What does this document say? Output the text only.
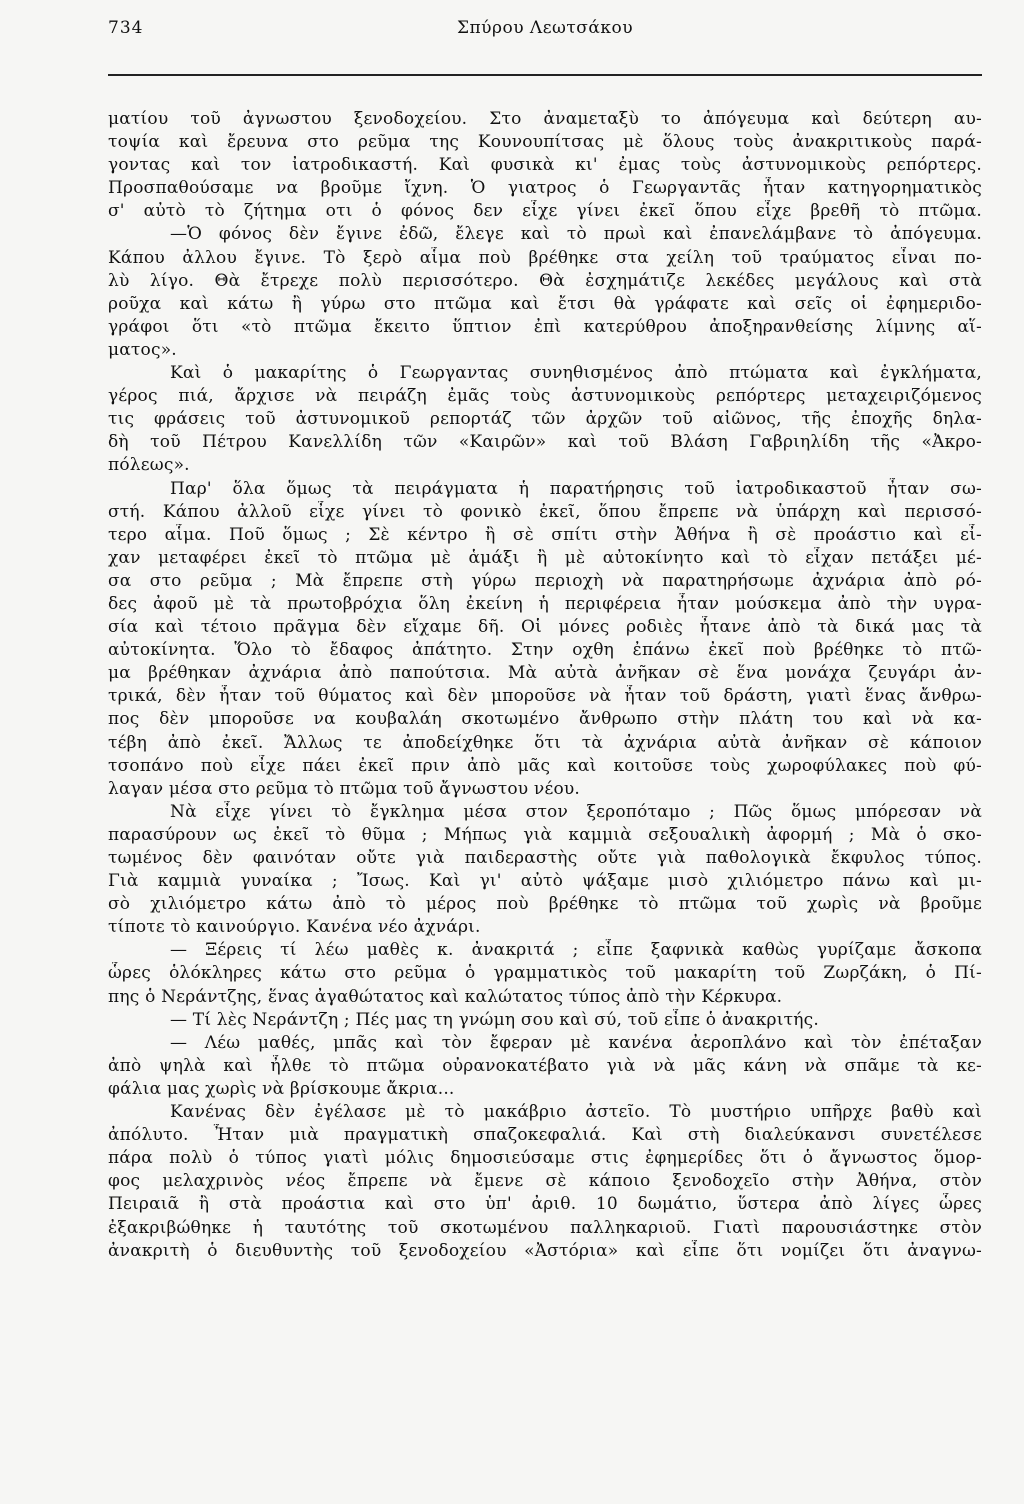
734	Σπύρου Λεωτσάκου
ματίου τοῦ ἀγνωστου ξενοδοχείου. Στο ἀναμεταξὺ το ἀπόγευμα καὶ δεύτερη αυ-
τοψία καὶ ἔρευνα στο ρεῦμα της Κουνουπίτσας μὲ ὅλους τοὺς ἀνακριτικοὺς παρά-
γοντας καὶ τον ἰατροδικαστή. Καὶ φυσικὰ κι' ἐμας τοὺς ἀστυνομικοὺς ρεπόρτερς.
Προσπαθούσαμε να βροῦμε ἴχνη. Ὁ γιατρος ὁ Γεωργαντᾶς ἦταν κατηγορηματικὸς
σ' αὐτὸ τὸ ζήτημα οτι ὁ φόνος δεν εἶχε γίνει ἐκεῖ ὅπου εἶχε βρεθῆ τὸ πτῶμα.
—Ὁ φόνος δὲν ἔγινε ἐδῶ, ἔλεγε καὶ τὸ πρωὶ καὶ ἐπανελάμβανε τὸ ἀπόγευμα.
Κάπου ἀλλου ἔγινε. Τὸ ξερὸ αἷμα ποὺ βρέθηκε στα χείλη τοῦ τραύματος εἶναι πο-
λὺ λίγο. Θὰ ἔτρεχε πολὺ περισσότερο. Θὰ ἐσχημάτιζε λεκέδες μεγάλους καὶ στὰ
ροῦχα καὶ κάτω ἢ γύρω στο πτῶμα καὶ ἔτσι θὰ γράφατε καὶ σεῖς οἱ ἐφημεριδο-
γράφοι ὅτι «τὸ πτῶμα ἔκειτο ὕπτιον ἐπὶ κατερύθρου ἀποξηρανθείσης λίμνης αἵ-
ματος».
Καὶ ὁ μακαρίτης ὁ Γεωργαντας συνηθισμένος ἀπὸ πτώματα καὶ ἐγκλήματα,
γέρος πιά, ἄρχισε νὰ πειράζη ἐμᾶς τοὺς ἀστυνομικοὺς ρεπόρτερς μεταχειριζόμενος
τις φράσεις τοῦ ἀστυνομικοῦ ρεπορτάζ τῶν ἀρχῶν τοῦ αἰῶνος, τῆς ἐποχῆς δηλα-
δὴ τοῦ Πέτρου Κανελλίδη τῶν «Καιρῶν» καὶ τοῦ Βλάση Γαβριηλίδη τῆς «Ἀκρο-
πόλεως».
Παρ' ὅλα ὅμως τὰ πειράγματα ἡ παρατήρησις τοῦ ἰατροδικαστοῦ ἦταν σω-
στή. Κάπου ἀλλοῦ εἶχε γίνει τὸ φονικὸ ἐκεῖ, ὅπου ἔπρεπε νὰ ὑπάρχη καὶ περισσό-
τερο αἷμα. Ποῦ ὅμως ; Σὲ κέντρο ἢ σὲ σπίτι στὴν Ἀθήνα ἢ σὲ προάστιο καὶ εἶ-
χαν μεταφέρει ἐκεῖ τὸ πτῶμα μὲ ἁμάξι ἢ μὲ αὐτοκίνητο καὶ τὸ εἶχαν πετάξει μέ-
σα στο ρεῦμα ; Μὰ ἔπρεπε στὴ γύρω περιοχὴ νὰ παρατηρήσωμε ἀχνάρια ἀπὸ ρό-
δες ἀφοῦ μὲ τὰ πρωτοβρόχια ὅλη ἐκείνη ἡ περιφέρεια ἦταν μούσκεμα ἀπὸ τὴν υγρα-
σία καὶ τέτοιο πρᾶγμα δὲν εἴχαμε δῆ. Οἱ μόνες ροδιὲς ἦτανε ἀπὸ τὰ δικά μας τὰ
αὐτοκίνητα. Ὅλο τὸ ἔδαφος ἀπάτητο. Στην οχθη ἐπάνω ἐκεῖ ποὺ βρέθηκε τὸ πτῶ-
μα βρέθηκαν ἀχνάρια ἀπὸ παπούτσια. Μὰ αὐτὰ ἀνῆκαν σὲ ἕνα μονάχα ζευγάρι ἀν-
τρικά, δὲν ἦταν τοῦ θύματος καὶ δὲν μποροῦσε νὰ ἦταν τοῦ δράστη, γιατὶ ἕνας ἄνθρω-
πος δὲν μποροῦσε να κουβαλάη σκοτωμένο ἄνθρωπο στὴν πλάτη του καὶ νὰ κα-
τέβη ἀπὸ ἐκεῖ. Ἄλλως τε ἀποδείχθηκε ὅτι τὰ ἀχνάρια αὐτὰ ἀνῆκαν σὲ κάποιον
τσοπάνο ποὺ εἶχε πάει ἐκεῖ πριν ἀπὸ μᾶς καὶ κοιτοῦσε τοὺς χωροφύλακες ποὺ φύ-
λαγαν μέσα στο ρεῦμα τὸ πτῶμα τοῦ ἄγνωστου νέου.
Νὰ εἶχε γίνει τὸ ἔγκλημα μέσα στον ξεροπόταμο ; Πῶς ὅμως μπόρεσαν νὰ
παρασύρουν ως ἐκεῖ τὸ θῦμα ; Μήπως γιὰ καμμιὰ σεξουαλικὴ ἀφορμή ; Μὰ ὁ σκο-
τωμένος δὲν φαινόταν οὔτε γιὰ παιδεραστὴς οὔτε γιὰ παθολογικὰ ἔκφυλος τύπος.
Γιὰ καμμιὰ γυναίκα ; Ἴσως. Καὶ γι' αὐτὸ ψάξαμε μισὸ χιλιόμετρο πάνω καὶ μι-
σὸ χιλιόμετρο κάτω ἀπὸ τὸ μέρος ποὺ βρέθηκε τὸ πτῶμα τοῦ χωρὶς νὰ βροῦμε
τίποτε τὸ καινούργιο. Κανένα νέο ἀχνάρι.
— Ξέρεις τί λέω μαθὲς κ. ἀνακριτά ; εἶπε ξαφνικὰ καθὼς γυρίζαμε ἄσκοπα
ὧρες ὁλόκληρες κάτω στο ρεῦμα ὁ γραμματικὸς τοῦ μακαρίτη τοῦ Ζωρζάκη, ὁ Πί-
πης ὁ Νεράντζης, ἕνας ἀγαθώτατος καὶ καλώτατος τύπος ἀπὸ τὴν Κέρκυρα.
— Τί λὲς Νεράντζη ; Πές μας τη γνώμη σου καὶ σύ, τοῦ εἶπε ὁ ἀνακριτής.
— Λέω μαθές, μπᾶς καὶ τὸν ἔφεραν μὲ κανένα ἀεροπλάνο καὶ τὸν ἐπέταξαν
ἀπὸ ψηλὰ καὶ ἦλθε τὸ πτῶμα οὐρανοκατέβατο γιὰ νὰ μᾶς κάνη νὰ σπᾶμε τὰ κε-
φάλια μας χωρὶς νὰ βρίσκουμε ἄκρια...
Κανένας δὲν ἐγέλασε μὲ τὸ μακάβριο ἀστεῖο. Τὸ μυστήριο υπῆρχε βαθὺ καὶ
ἀπόλυτο. Ἦταν μιὰ πραγματικὴ σπαζοκεφαλιά. Καὶ στὴ διαλεύκανσι συνετέλεσε
πάρα πολὺ ὁ τύπος γιατὶ μόλις δημοσιεύσαμε στις ἐφημερίδες ὅτι ὁ ἄγνωστος ὅμορ-
φος μελαχρινὸς νέος ἔπρεπε νὰ ἔμενε σὲ κάποιο ξενοδοχεῖο στὴν Ἀθήνα, στὸν
Πειραιᾶ ἢ στὰ προάστια καὶ στο ὑπ' ἀριθ. 10 δωμάτιο, ὕστερα ἀπὸ λίγες ὧρες
ἐξακριβώθηκε ἡ ταυτότης τοῦ σκοτωμένου παλληκαριοῦ. Γιατὶ παρουσιάστηκε στὸν
ἀνακριτὴ ὁ διευθυντὴς τοῦ ξενοδοχείου «Ἀστόρια» καὶ εἶπε ὅτι νομίζει ὅτι ἀναγνω-
